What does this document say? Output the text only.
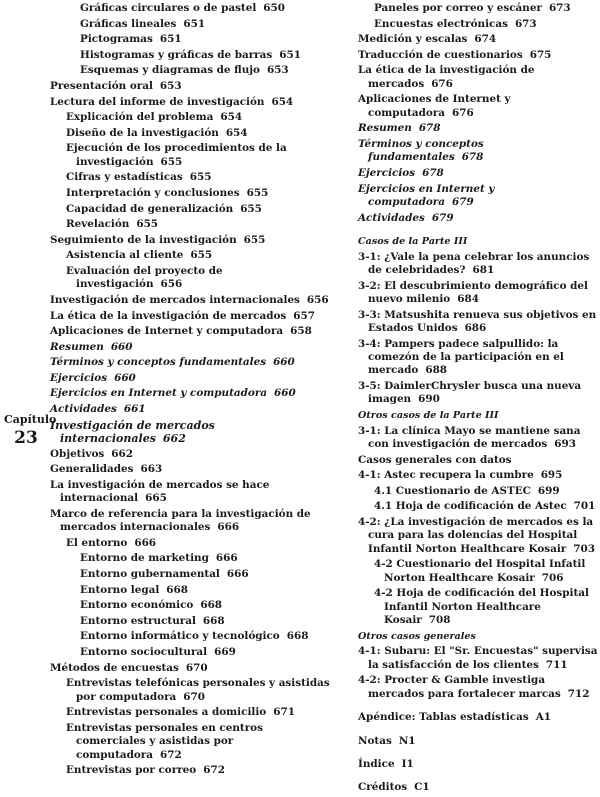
Gráficas circulares o de pastel 650
Gráficas lineales 651
Pictogramas 651
Histogramas y gráficas de barras 651
Esquemas y diagramas de flujo 653
Presentación oral 653
Lectura del informe de investigación 654
Explicación del problema 654
Diseño de la investigación 654
Ejecución de los procedimientos de la investigación 655
Cifras y estadísticas 655
Interpretación y conclusiones 655
Capacidad de generalización 655
Revelación 655
Seguimiento de la investigación 655
Asistencia al cliente 655
Evaluación del proyecto de investigación 656
Investigación de mercados internacionales 656
La ética de la investigación de mercados 657
Aplicaciones de Internet y computadora 658
Resumen 660
Términos y conceptos fundamentales 660
Ejercicios 660
Ejercicios en Internet y computadora 660
Actividades 661
Investigación de mercados internacionales 662
Objetivos 662
Generalidades 663
La investigación de mercados se hace internacional 665
Marco de referencia para la investigación de mercados internacionales 666
El entorno 666
Entorno de marketing 666
Entorno gubernamental 666
Entorno legal 668
Entorno económico 668
Entorno estructural 668
Entorno informático y tecnológico 668
Entorno sociocultural 669
Métodos de encuestas 670
Entrevistas telefónicas personales y asistidas por computadora 670
Entrevistas personales a domicilio 671
Entrevistas personales en centros comerciales y asistidas por computadora 672
Entrevistas por correo 672
Paneles por correo y escáner 673
Encuestas electrónicas 673
Medición y escalas 674
Traducción de cuestionarios 675
La ética de la investigación de mercados 676
Aplicaciones de Internet y computadora 676
Resumen 678
Términos y conceptos fundamentales 678
Ejercicios 678
Ejercicios en Internet y computadora 679
Actividades 679
Casos de la Parte III
3-1: ¿Vale la pena celebrar los anuncios de celebridades? 681
3-2: El descubrimiento demográfico del nuevo milenio 684
3-3: Matsushita renueva sus objetivos en Estados Unidos 686
3-4: Pampers padece salpullido: la comezón de la participación en el mercado 688
3-5: DaimlerChrysler busca una nueva imagen 690
Otros casos de la Parte III
3-1: La clínica Mayo se mantiene sana con investigación de mercados 693
Casos generales con datos
4-1: Astec recupera la cumbre 695
4.1 Cuestionario de ASTEC 699
4.1 Hoja de codificación de Astec 701
4-2: ¿La investigación de mercados es la cura para las dolencias del Hospital Infantil Norton Healthcare Kosair 703
4-2 Cuestionario del Hospital Infatil Norton Healthcare Kosair 706
4-2 Hoja de codificación del Hospital Infantil Norton Healthcare Kosair 708
Otros casos generales
4-1: Subaru: El "Sr. Encuestas" supervisa la satisfacción de los clientes 711
4-2: Procter & Gamble investiga mercados para fortalecer marcas 712
Apéndice: Tablas estadísticas A1
Notas N1
Índice I1
Créditos C1
Capítulo
23
